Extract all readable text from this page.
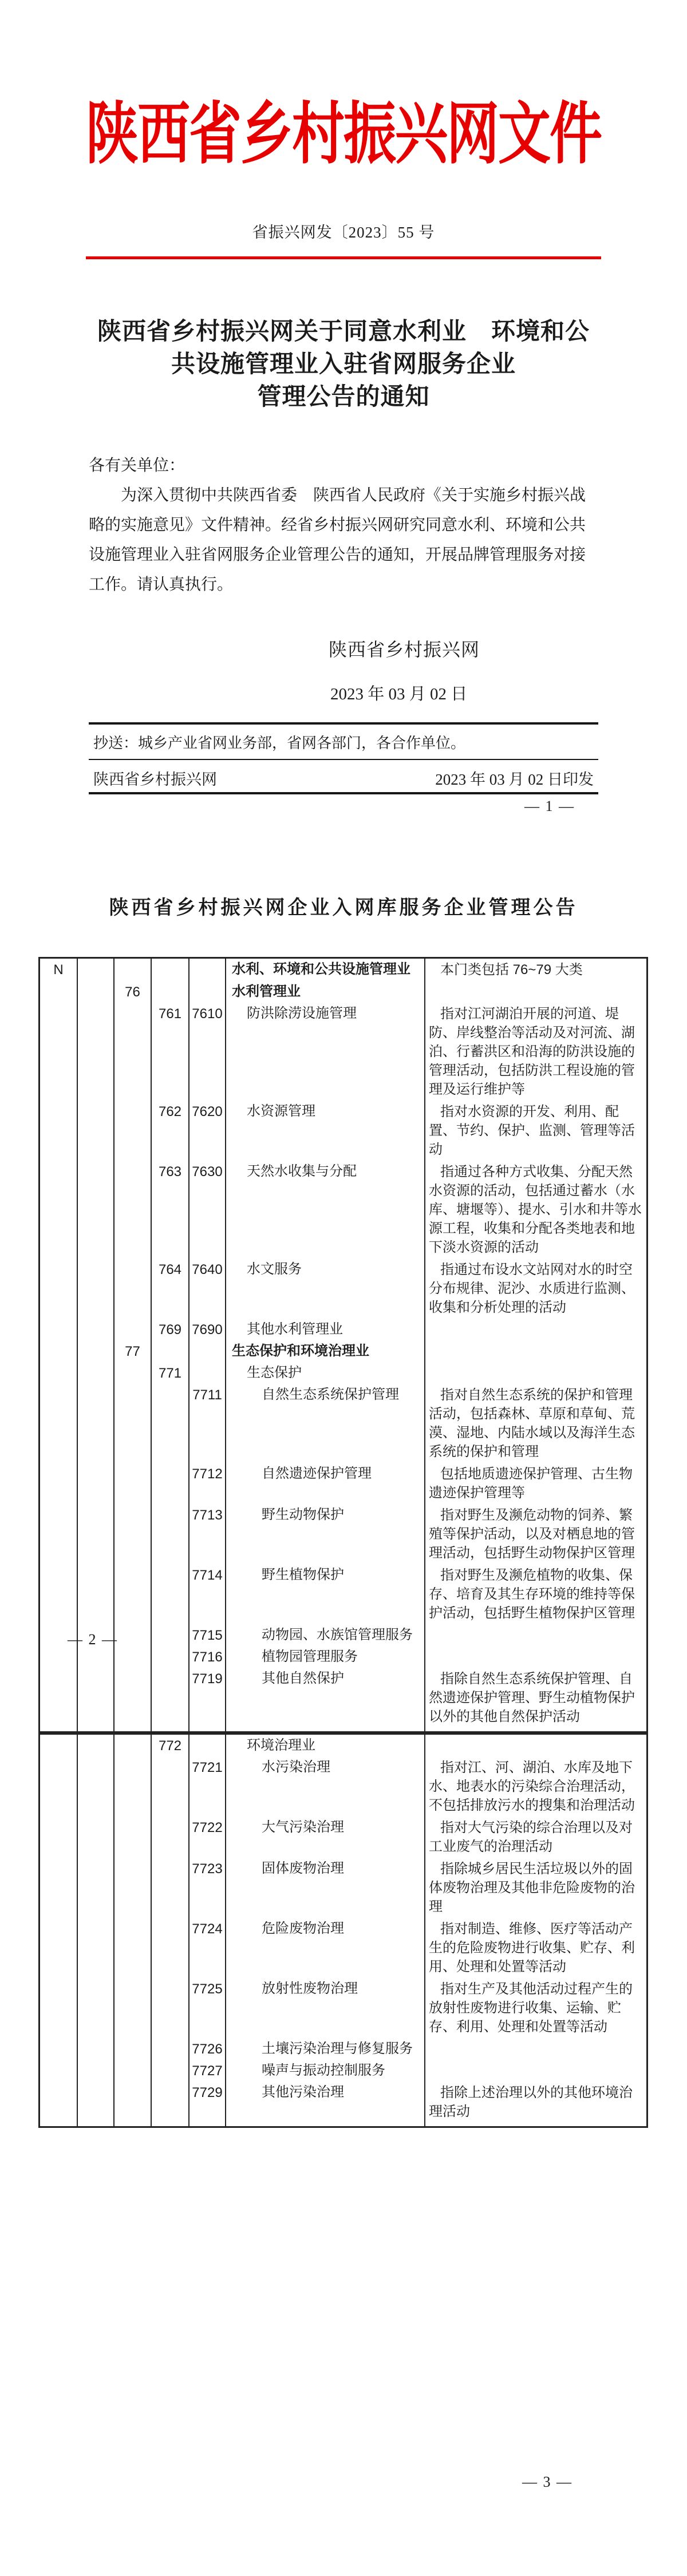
陕西省乡村振兴网文件
省振兴网发〔2023〕55 号
陕西省乡村振兴网关于同意水利业　环境和公
共设施管理业入驻省网服务企业
管理公告的通知
各有关单位：
为深入贯彻中共陕西省委　陕西省人民政府《关于实施乡村振兴战略的实施意见》文件精神。经省乡村振兴网研究同意水利、环境和公共设施管理业入驻省网服务企业管理公告的通知，开展品牌管理服务对接工作。请认真执行。
陕西省乡村振兴网
2023 年 03 月 02 日
抄送：城乡产业省网业务部，省网各部门，各合作单位。
陕西省乡村振兴网	2023 年 03 月 02 日印发
— 1 —
陕西省乡村振兴网企业入网库服务企业管理公告
N	水利、环境和公共设施管理业	本门类包括 76~79 大类
76	水利管理业
761 7610	防洪除涝设施管理	指对江河湖泊开展的河道、堤防、岸线整治等活动及对河流、湖泊、行蓄洪区和沿海的防洪设施的管理活动，包括防洪工程设施的管理及运行维护等
762 7620	水资源管理	指对水资源的开发、利用、配置、节约、保护、监测、管理等活动
763 7630	天然水收集与分配	指通过各种方式收集、分配天然水资源的活动，包括通过蓄水（水库、塘堰等）、提水、引水和井等水源工程，收集和分配各类地表和地下淡水资源的活动
764 7640	水文服务	指通过布设水文站网对水的时空分布规律、泥沙、水质进行监测、收集和分析处理的活动
769 7690	其他水利管理业
77	生态保护和环境治理业
771	生态保护
7711	自然生态系统保护管理	指对自然生态系统的保护和管理活动，包括森林、草原和草甸、荒漠、湿地、内陆水域以及海洋生态系统的保护和管理
7712	自然遗迹保护管理	包括地质遗迹保护管理、古生物遗迹保护管理等
7713	野生动物保护	指对野生及濒危动物的饲养、繁殖等保护活动，以及对栖息地的管理活动，包括野生动物保护区管理
7714	野生植物保护	指对野生及濒危植物的收集、保存、培育及其生存环境的维持等保护活动，包括野生植物保护区管理
7715	动物园、水族馆管理服务
7716	植物园管理服务
7719	其他自然保护	指除自然生态系统保护管理、自然遗迹保护管理、野生动植物保护以外的其他自然保护活动
— 2 —
772	环境治理业
7721	水污染治理	指对江、河、湖泊、水库及地下水、地表水的污染综合治理活动，不包括排放污水的搜集和治理活动
7722	大气污染治理	指对大气污染的综合治理以及对工业废气的治理活动
7723	固体废物治理	指除城乡居民生活垃圾以外的固体废物治理及其他非危险废物的治理
7724	危险废物治理	指对制造、维修、医疗等活动产生的危险废物进行收集、贮存、利用、处理和处置等活动
7725	放射性废物治理	指对生产及其他活动过程产生的放射性废物进行收集、运输、贮存、利用、处理和处置等活动
7726	土壤污染治理与修复服务
7727	噪声与振动控制服务
7729	其他污染治理	指除上述治理以外的其他环境治理活动
— 3 —
